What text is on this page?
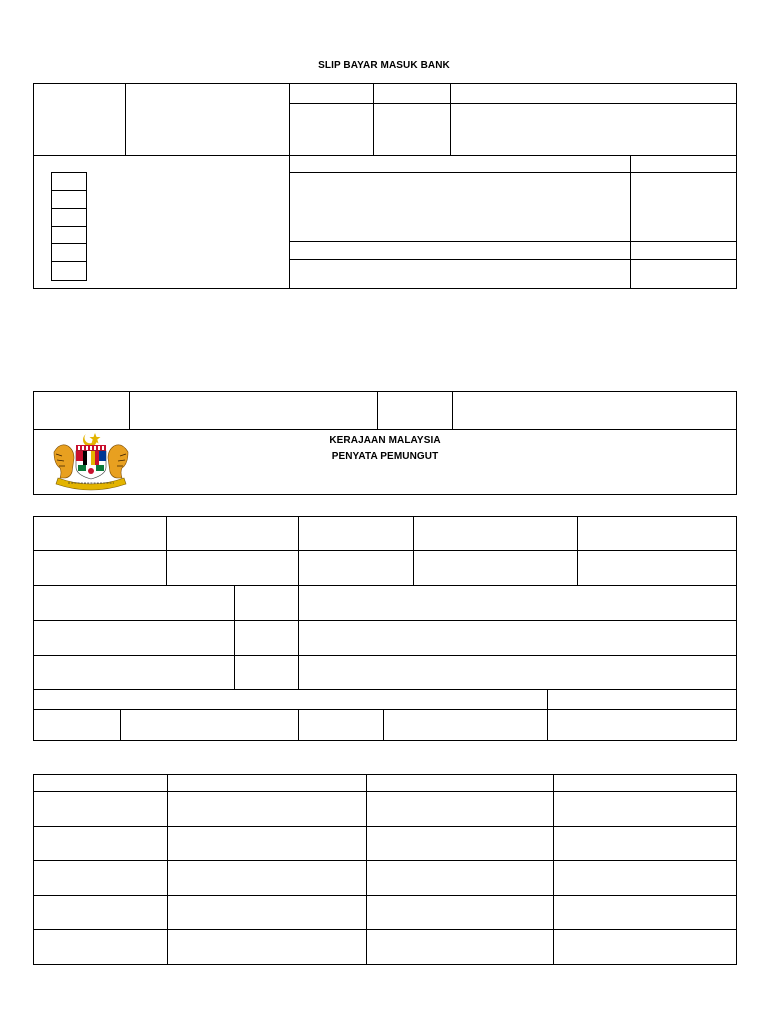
SLIP BAYAR MASUK BANK
KERAJAAN MALAYSIA
PENYATA PEMUNGUT
